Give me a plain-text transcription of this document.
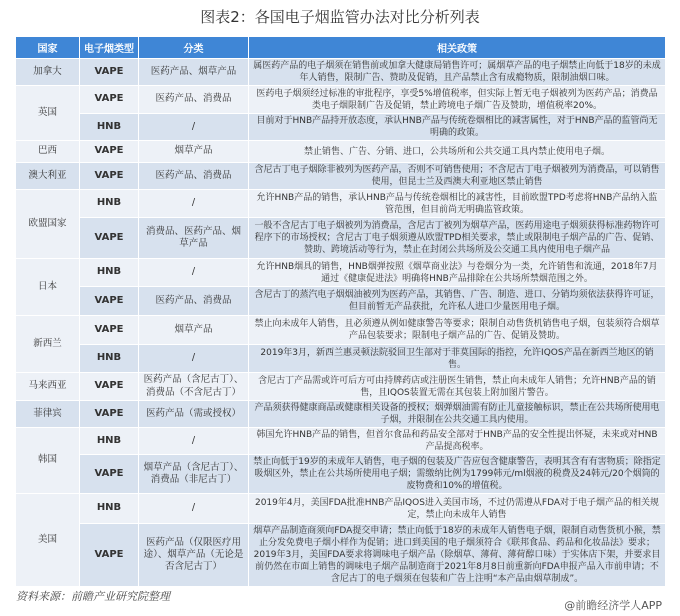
图表2：各国电子烟监管办法对比分析列表
国家	电子烟类型	分类	相关政策
加拿大	VAPE	医药产品、烟草产品	属医药产品的电子烟须在销售前或加拿大健康局销售许可；属烟草产品的电子烟禁止向低于18岁的未成年人销售，限制广告、赞助及促销，且产品禁止含有成瘾物质，限制油烟口味。
英国	VAPE	医药产品、消费品	医药电子烟须经过标准的审批程序，享受5%增值税率，但实际上暂无电子烟被列为医药产品；消费品类电子烟限制广告及促销，禁止跨境电子烟广告及赞助，增值税率20%。
	HNB	/	目前对于HNB产品持开放态度，承认HNB产品与传统卷烟相比的减害属性，对于HNB产品的监管尚无明确的政策。
巴西	VAPE	烟草产品	禁止销售、广告、分销、进口，公共场所和公共交通工具内禁止使用电子烟。
澳大利亚	VAPE	医药产品、消费品	含尼古丁电子烟除非被列为医药产品，否则不可销售使用；不含尼古丁电子烟被列为消费品，可以销售使用，但昆士兰及西澳大利亚地区禁止销售
欧盟国家	HNB	/	允许HNB产品的销售，承认HNB产品与传统卷烟相比的减害性，目前欧盟TPD考虑将HNB产品纳入监管范围，但目前尚无明确监管政策。
	VAPE	消费品、医药产品、烟草产品	一般不含尼古丁电子烟被列为消费品，含尼古丁被列为烟草产品，医药用途电子烟须获得标准药物许可程序下的市场授权；含尼古丁电子烟须遵从欧盟TPD相关要求，禁止或限制电子烟产品的广告、促销、赞助、跨境活动等行为，禁止在封闭公共场所及公交通工具内使用电子烟产品
日本	HNB	/	允许HNB烟具的销售，HNB烟弹按照《烟草商业法》与卷烟分为一类，允许销售和流通，2018年7月通过《健康促进法》明确将HNB产品排除在公共场所禁烟范围之外。
	VAPE	医药产品、消费品	含尼古丁的蒸汽电子烟烟油被列为医药产品，其销售、广告、制造、进口、分销均须依法获得许可证，但目前暂无产品获批，允许私人进口少量医用电子烟。
新西兰	VAPE	烟草产品	禁止向未成年人销售，且必须遵从例如健康警告等要求；限制自动售货机销售电子烟，包装须符合烟草产品包装要求；限制电子烟产品的广告、促销及赞助。
	HNB	/	2019年3月，新西兰惠灵顿法院驳回卫生部对于菲莫国际的指控，允许IQOS产品在新西兰地区的销售。
马来西亚	VAPE	医药产品（含尼古丁）、消费品（不含尼古丁）	含尼古丁产品需或许可后方可由持牌药店或注册医生销售，禁止向未成年人销售；允许HNB产品的销售，且IQOS装置无需在其包装上附加图片警告。
菲律宾	VAPE	医药产品（需或授权）	产品须获得健康商品或健康相关设备的授权；烟弹烟油需有防止儿童接触标识，禁止在公共场所使用电子烟，并限制在公共交通工具内使用。
韩国	HNB	/	韩国允许HNB产品的销售，但首尔食品和药品安全部对于HNB产品的安全性提出怀疑，未来或对HNB产品提高税率。
	VAPE	烟草产品（含尼古丁）、消费品（非尼古丁）	禁止向低于19岁的未成年人销售，电子烟的包装及广告应包含健康警告，表明其含有有害物质；除指定吸烟区外，禁止在公共场所使用电子烟；需缴纳比例为1799韩元/ml烟液的税费及24韩元/20个烟筒的废物费和10%的增值税。
美国	HNB	/	2019年4月，美国FDA批准HNB产品IQOS进入美国市场，不过仍需遵从FDA对于电子烟产品的相关规定，禁止向未成年人销售
	VAPE	医药产品（仅限医疗用途）、烟草产品（无论是否含尼古丁）	烟草产品制造商须向FDA提交申请；禁止向低于18岁的未成年人销售电子烟，限制自动售货机小猴，禁止分发免费电子烟小样作为促销；进口到美国的电子烟须符合《联邦食品、药品和化妆品法》要求；2019年3月，美国FDA要求将调味电子烟产品（除烟草、薄荷、薄荷醇口味）于实体店下架，并要求目前仍然在市面上销售的调味电子烟产品制造商于2021年8月8日前重新向FDA申报产品入市前申请；不含尼古丁的电子烟须在包装和广告上注明“本产品由烟草制成”。
资料来源：前瞻产业研究院整理
@前瞻经济学人APP
